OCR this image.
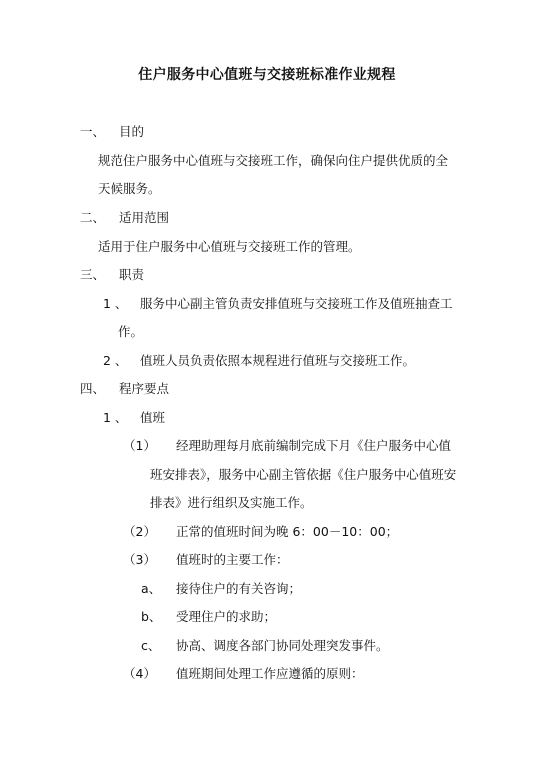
住户服务中心值班与交接班标准作业规程
一、 目的
规范住户服务中心值班与交接班工作，确保向住户提供优质的全
天候服务。
二、 适用范围
适用于住户服务中心值班与交接班工作的管理。
三、 职责
1 、 服务中心副主管负责安排值班与交接班工作及值班抽查工
作。
2 、 值班人员负责依照本规程进行值班与交接班工作。
四、 程序要点
1 、 值班
（1） 经理助理每月底前编制完成下月《住户服务中心值
班安排表》，服务中心副主管依据《住户服务中心值班安
排表》进行组织及实施工作。
（2） 正常的值班时间为晚 6：00－10：00；
（3） 值班时的主要工作：
a、 接待住户的有关咨询；
b、 受理住户的求助；
c、 协高、调度各部门协同处理突发事件。
（4） 值班期间处理工作应遵循的原则：
